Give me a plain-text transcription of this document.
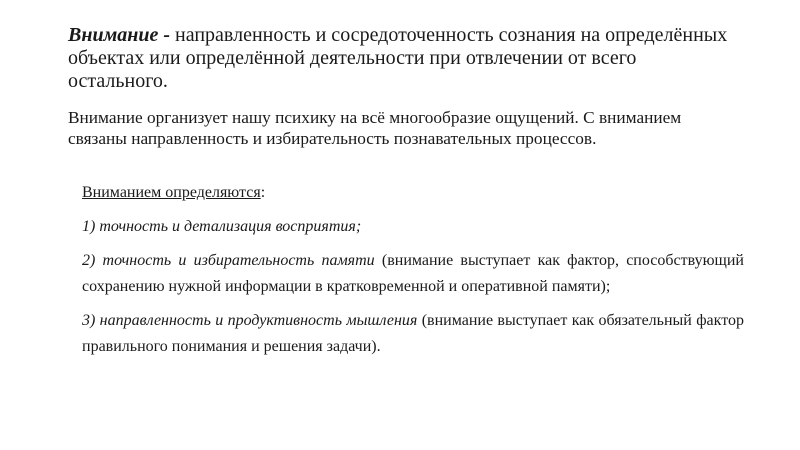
Внимание - направленность и сосредоточенность сознания на определённых объектах или определённой деятельности при отвлечении от всего остального.

Внимание организует нашу психику на всё многообразие ощущений. С вниманием связаны направленность и избирательность познавательных процессов.

Вниманием определяются:

1) точность и детализация восприятия;

2) точность и избирательность памяти (внимание выступает как фактор, способствующий сохранению нужной информации в кратковременной и оперативной памяти);

3) направленность и продуктивность мышления (внимание выступает как обязательный фактор правильного понимания и решения задачи).
